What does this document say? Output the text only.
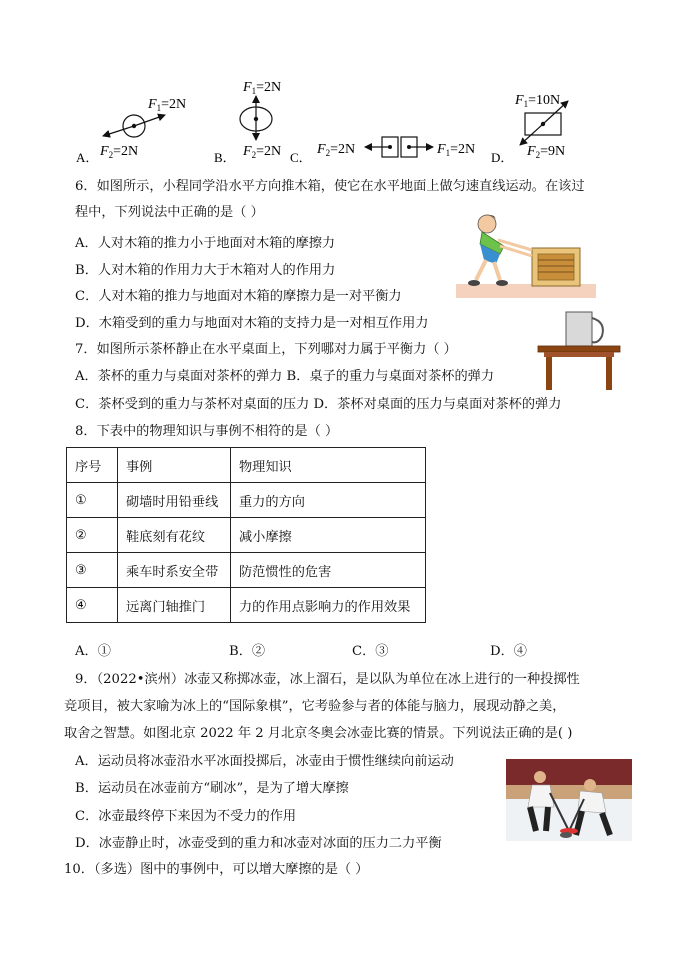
$F_1=2N$
$F_2=2N$
A．
$F_1=2N$
$F_2=2N$
B．	C．
$F_2=2N$	$F_1=2N$
D．
$F_1=10N$
$F_2=9N$
6．如图所示，小程同学沿水平方向推木箱，使它在水平地面上做匀速直线运动。在该过
程中，下列说法中正确的是（ ）
A．人对木箱的推力小于地面对木箱的摩擦力
B．人对木箱的作用力大于木箱对人的作用力
C．人对木箱的推力与地面对木箱的摩擦力是一对平衡力
D．木箱受到的重力与地面对木箱的支持力是一对相互作用力
7．如图所示茶杯静止在水平桌面上，下列哪对力属于平衡力（ ）
A．茶杯的重力与桌面对茶杯的弹力 B．桌子的重力与桌面对茶杯的弹力
C．茶杯受到的重力与茶杯对桌面的压力 D．茶杯对桌面的压力与桌面对茶杯的弹力
8．下表中的物理知识与事例不相符的是（ ）
序号	事例	物理知识
①	砌墙时用铅垂线	重力的方向
②	鞋底刻有花纹	减小摩擦
③	乘车时系安全带	防范惯性的危害
④	远离门轴推门	力的作用点影响力的作用效果
A．①	B．②	C．③	D．④
9．（2022•滨州）冰壶又称掷冰壶，冰上溜石，是以队为单位在冰上进行的一种投掷性
竞项目，被大家喻为冰上的“国际象棋”，它考验参与者的体能与脑力，展现动静之美，
取舍之智慧。如图北京 2022 年 2 月北京冬奥会冰壶比赛的情景。下列说法正确的是( )
A．运动员将冰壶沿水平冰面投掷后，冰壶由于惯性继续向前运动
B．运动员在冰壶前方“刷冰”，是为了增大摩擦
C．冰壶最终停下来因为不受力的作用
D．冰壶静止时，冰壶受到的重力和冰壶对冰面的压力二力平衡
10．（多选）图中的事例中，可以增大摩擦的是（ ）
